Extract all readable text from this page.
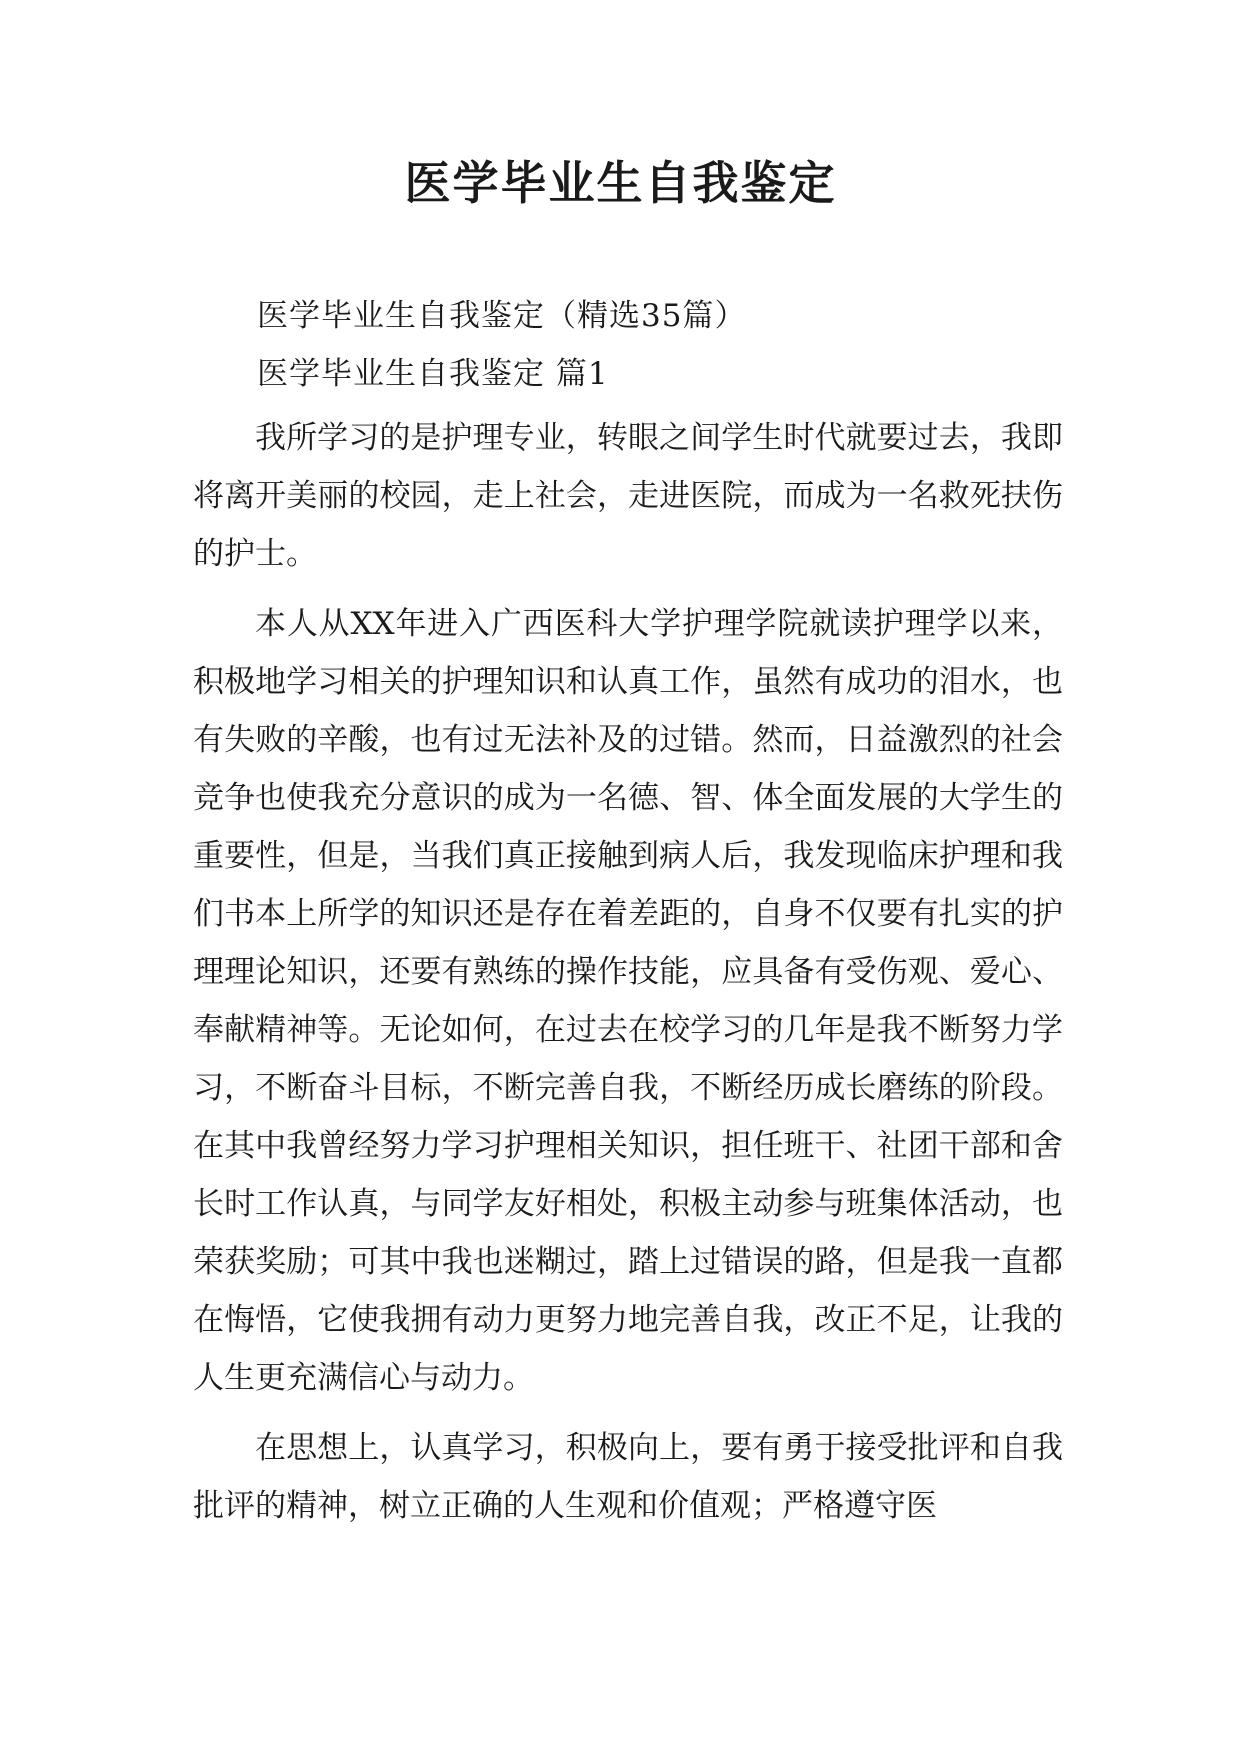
医学毕业生自我鉴定

医学毕业生自我鉴定（精选35篇）

医学毕业生自我鉴定 篇1

我所学习的是护理专业，转眼之间学生时代就要过去，我即将离开美丽的校园，走上社会，走进医院，而成为一名救死扶伤的护士。

本人从XX年进入广西医科大学护理学院就读护理学以来，积极地学习相关的护理知识和认真工作，虽然有成功的泪水，也有失败的辛酸，也有过无法补及的过错。然而，日益激烈的社会竞争也使我充分意识的成为一名德、智、体全面发展的大学生的重要性，但是，当我们真正接触到病人后，我发现临床护理和我们书本上所学的知识还是存在着差距的，自身不仅要有扎实的护理理论知识，还要有熟练的操作技能，应具备有受伤观、爱心、奉献精神等。无论如何，在过去在校学习的几年是我不断努力学习，不断奋斗目标，不断完善自我，不断经历成长磨练的阶段。在其中我曾经努力学习护理相关知识，担任班干、社团干部和舍长时工作认真，与同学友好相处，积极主动参与班集体活动，也荣获奖励；可其中我也迷糊过，踏上过错误的路，但是我一直都在悔悟，它使我拥有动力更努力地完善自我，改正不足，让我的人生更充满信心与动力。

在思想上，认真学习，积极向上，要有勇于接受批评和自我批评的精神，树立正确的人生观和价值观；严格遵守医
